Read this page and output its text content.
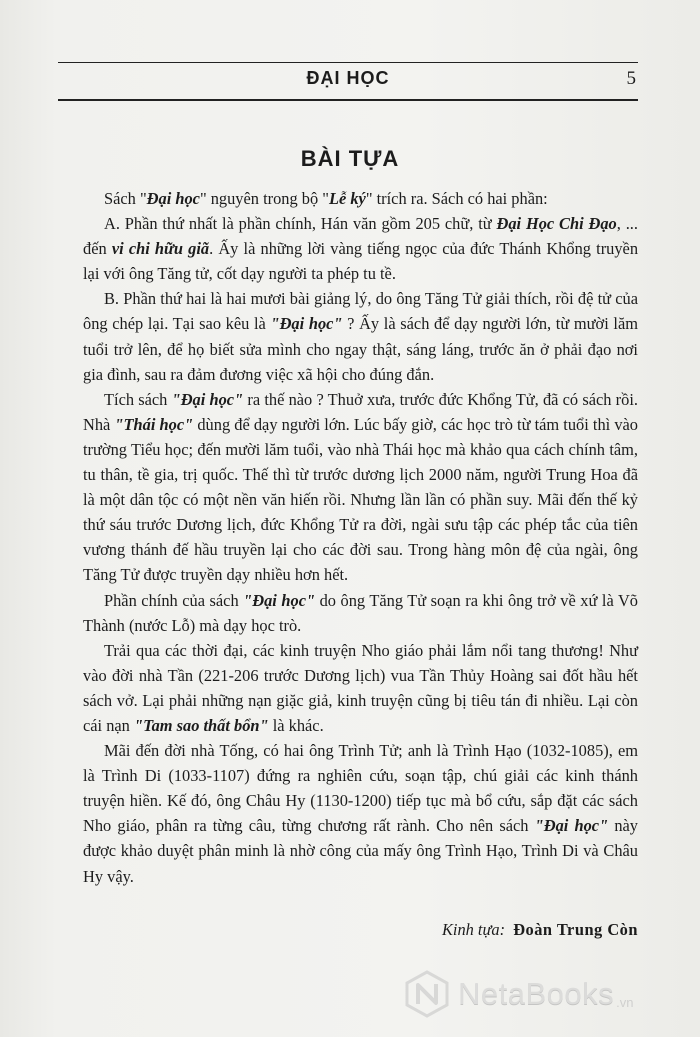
ĐẠI HỌC	5
BÀI TỰA

Sách "Đại học" nguyên trong bộ "Lễ ký" trích ra. Sách có hai phần:

A. Phần thứ nhất là phần chính, Hán văn gồm 205 chữ, từ Đại Học Chi Đạo, ... đến vi chi hữu giã. Ấy là những lời vàng tiếng ngọc của đức Thánh Khổng truyền lại với ông Tăng tử, cốt dạy người ta phép tu tề.

B. Phần thứ hai là hai mươi bài giảng lý, do ông Tăng Tử giải thích, rồi đệ tử của ông chép lại. Tại sao kêu là "Đại học" ? Ấy là sách để dạy người lớn, từ mười lăm tuổi trở lên, để họ biết sửa mình cho ngay thật, sáng láng, trước ăn ở phải đạo nơi gia đình, sau ra đảm đương việc xã hội cho đúng đắn.

Tích sách "Đại học" ra thế nào ? Thuở xưa, trước đức Khổng Tử, đã có sách rồi. Nhà "Thái học" dùng để dạy người lớn. Lúc bấy giờ, các học trò từ tám tuổi thì vào trường Tiểu học; đến mười lăm tuổi, vào nhà Thái học mà khảo qua cách chính tâm, tu thân, tề gia, trị quốc. Thế thì từ trước dương lịch 2000 năm, người Trung Hoa đã là một dân tộc có một nền văn hiến rồi. Nhưng lần lần có phần suy. Mãi đến thế kỷ thứ sáu trước Dương lịch, đức Khổng Tử ra đời, ngài sưu tập các phép tắc của tiên vương thánh đế hầu truyền lại cho các đời sau. Trong hàng môn đệ của ngài, ông Tăng Tử được truyền dạy nhiều hơn hết.

Phần chính của sách "Đại học" do ông Tăng Tử soạn ra khi ông trở về xứ là Võ Thành (nước Lỗ) mà dạy học trò.

Trải qua các thời đại, các kinh truyện Nho giáo phải lắm nổi tang thương! Như vào đời nhà Tần (221-206 trước Dương lịch) vua Tần Thủy Hoàng sai đốt hầu hết sách vở. Lại phải những nạn giặc giả, kinh truyện cũng bị tiêu tán đi nhiều. Lại còn cái nạn "Tam sao thất bổn" là khác.

Mãi đến đời nhà Tống, có hai ông Trình Tử; anh là Trình Hạo (1032-1085), em là Trình Di (1033-1107) đứng ra nghiên cứu, soạn tập, chú giải các kinh thánh truyện hiền. Kế đó, ông Châu Hy (1130-1200) tiếp tục mà bổ cứu, sắp đặt các sách Nho giáo, phân ra từng câu, từng chương rất rành. Cho nên sách "Đại học" này được khảo duyệt phân minh là nhờ công của mấy ông Trình Hạo, Trình Di và Châu Hy vậy.

Kinh tựa: Đoàn Trung Còn
NetaBooks .vn
